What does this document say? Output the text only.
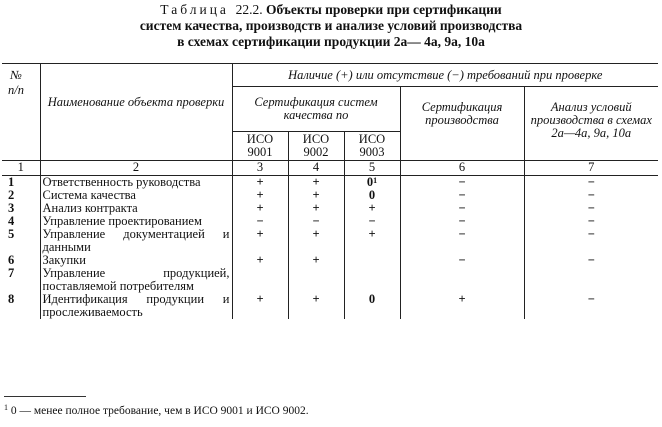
Таблица 22.2. Объекты проверки при сертификации
систем качества, производств и анализе условий производства
в схемах сертификации продукции 2а— 4а, 9а, 10а
№ п/п	Наименование объекта проверки	Наличие (+) или отсутствие (−) требований при проверке				
		Сертификация систем качества по			Сертификация производства	Анализ условий производства в схемах 2а—4а, 9а, 10а
		ИСО 9001	ИСО 9002	ИСО 9003		
1	2	3	4	5	6	7
1	Ответственность руководства	+	+	$0^1$	−	−
2	Система качества	+	+	0	−	−
3	Анализ контракта	+	+	+	−	−
4	Управление проектированием	−	−	−	−	−
5	Управление документацией и данными	+	+	+	−	−
6	Закупки	+	+		−	−
7	Управление продукцией, поставляемой потребителям					
8	Идентификация продукции и прослеживаемость	+	+	0	+	−
$^1$ 0 — менее полное требование, чем в ИСО 9001 и ИСО 9002.
